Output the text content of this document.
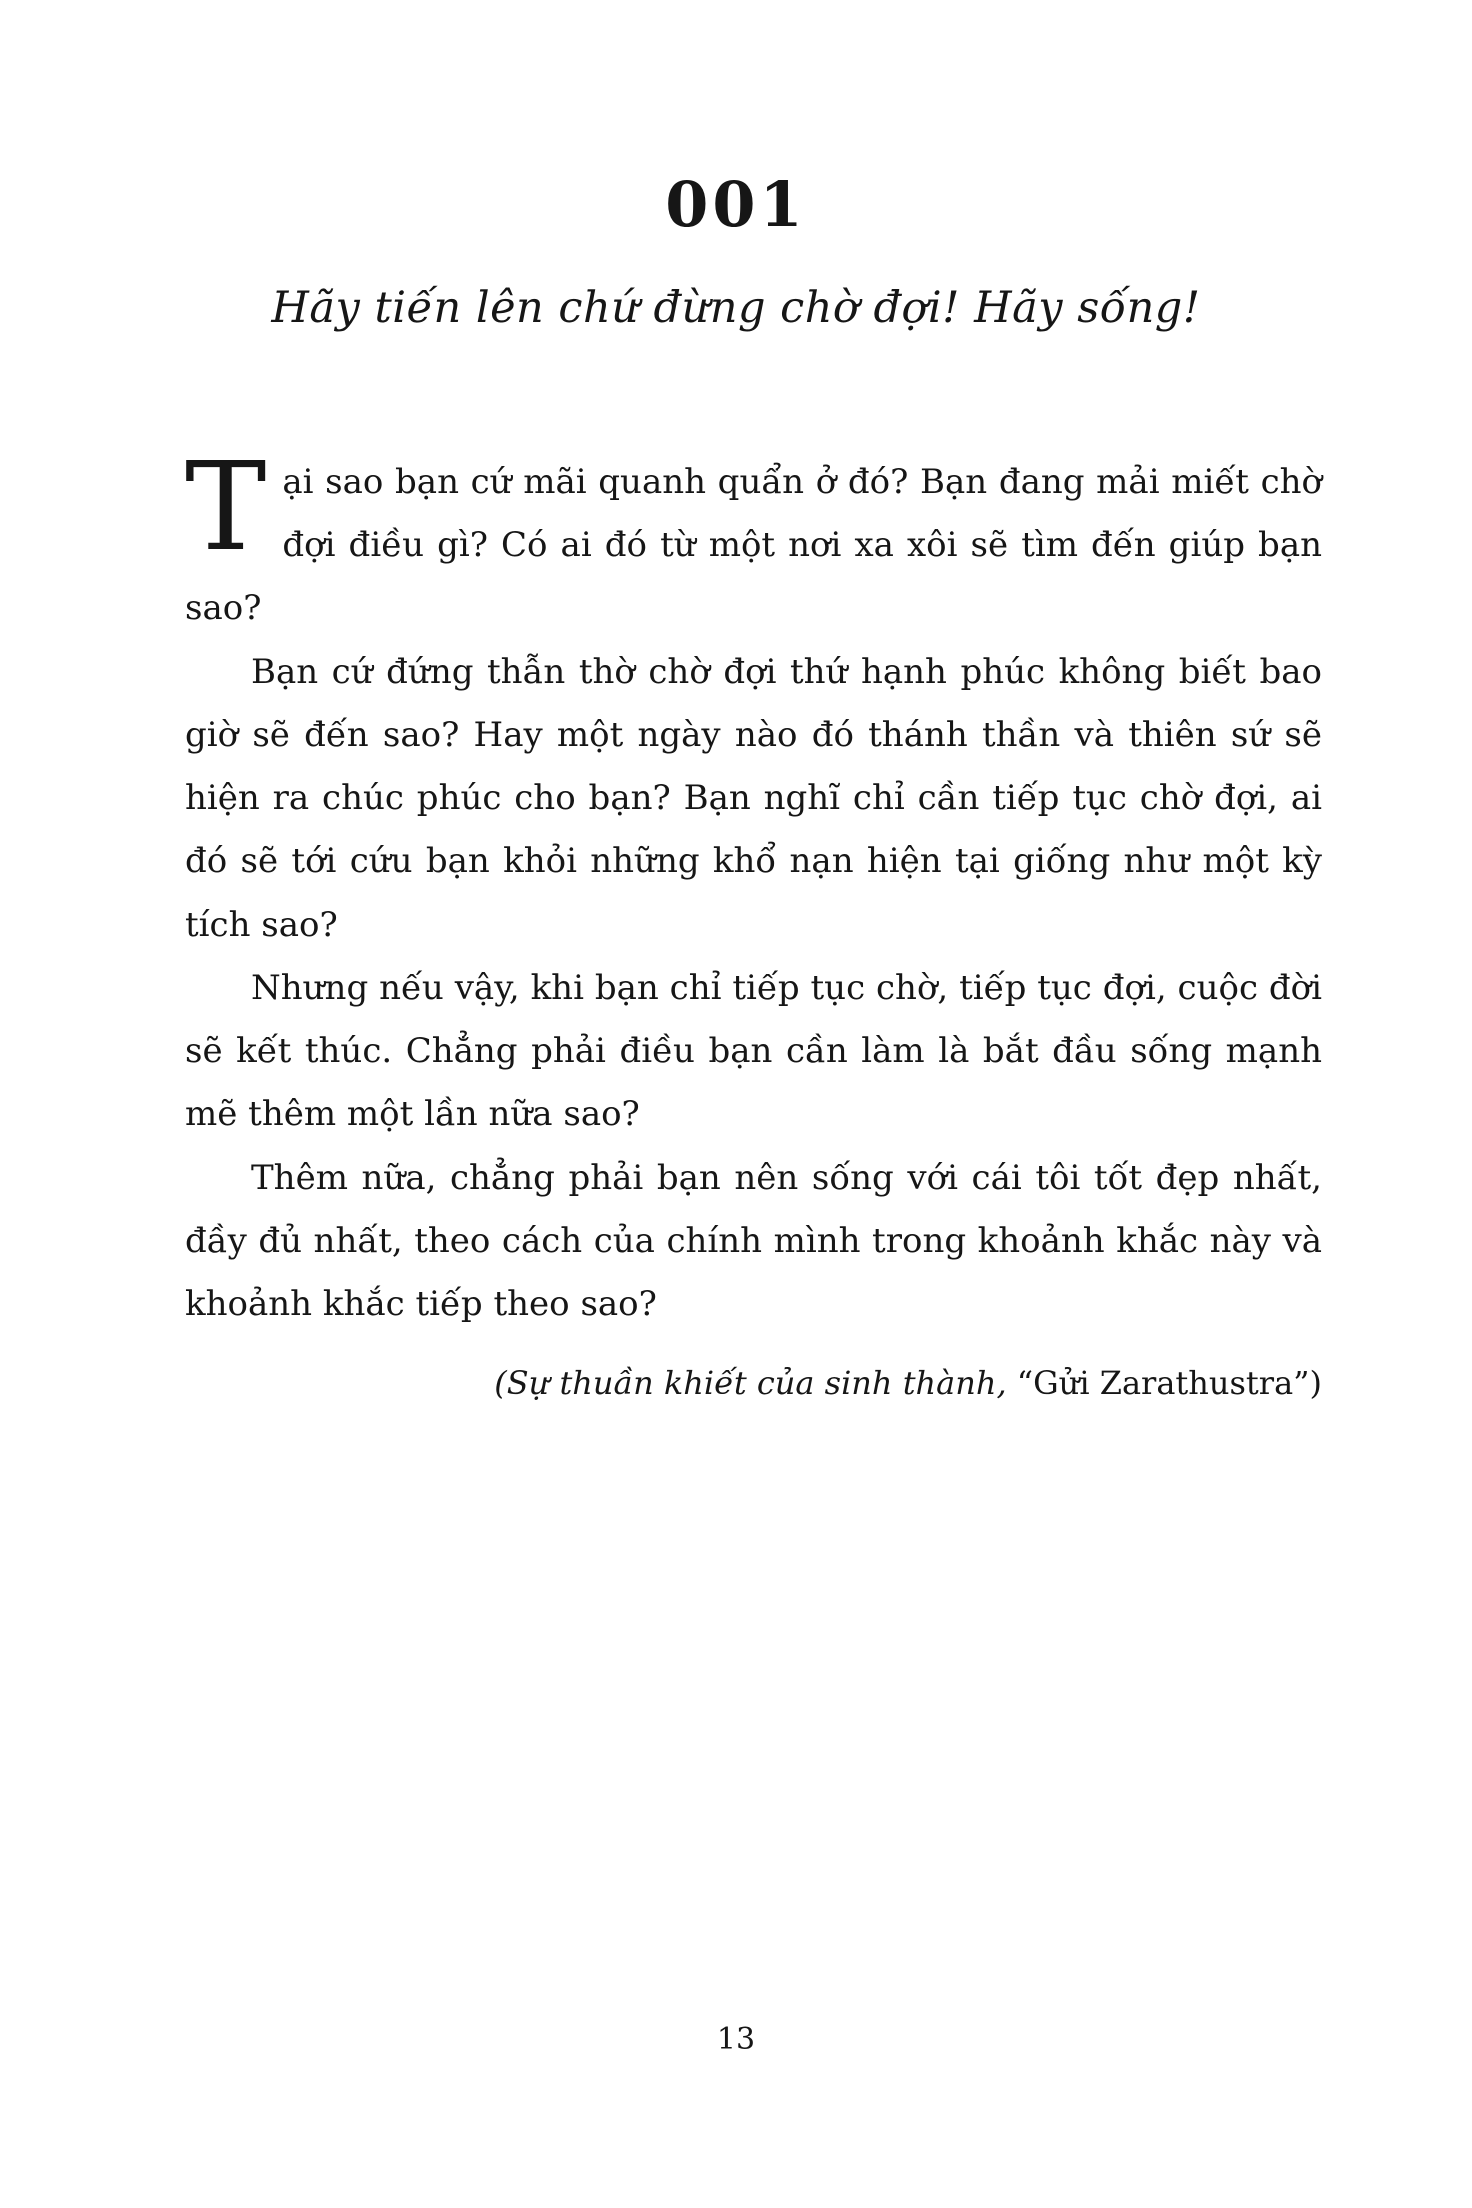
001
Hãy tiến lên chứ đừng chờ đợi! Hãy sống!

Tại sao bạn cứ mãi quanh quẩn ở đó? Bạn đang mải miết chờ đợi điều gì? Có ai đó từ một nơi xa xôi sẽ tìm đến giúp bạn sao?

Bạn cứ đứng thẫn thờ chờ đợi thứ hạnh phúc không biết bao giờ sẽ đến sao? Hay một ngày nào đó thánh thần và thiên sứ sẽ hiện ra chúc phúc cho bạn? Bạn nghĩ chỉ cần tiếp tục chờ đợi, ai đó sẽ tới cứu bạn khỏi những khổ nạn hiện tại giống như một kỳ tích sao?

Nhưng nếu vậy, khi bạn chỉ tiếp tục chờ, tiếp tục đợi, cuộc đời sẽ kết thúc. Chẳng phải điều bạn cần làm là bắt đầu sống mạnh mẽ thêm một lần nữa sao?

Thêm nữa, chẳng phải bạn nên sống với cái tôi tốt đẹp nhất, đầy đủ nhất, theo cách của chính mình trong khoảnh khắc này và khoảnh khắc tiếp theo sao?

(Sự thuần khiết của sinh thành, “Gửi Zarathustra”)
13
